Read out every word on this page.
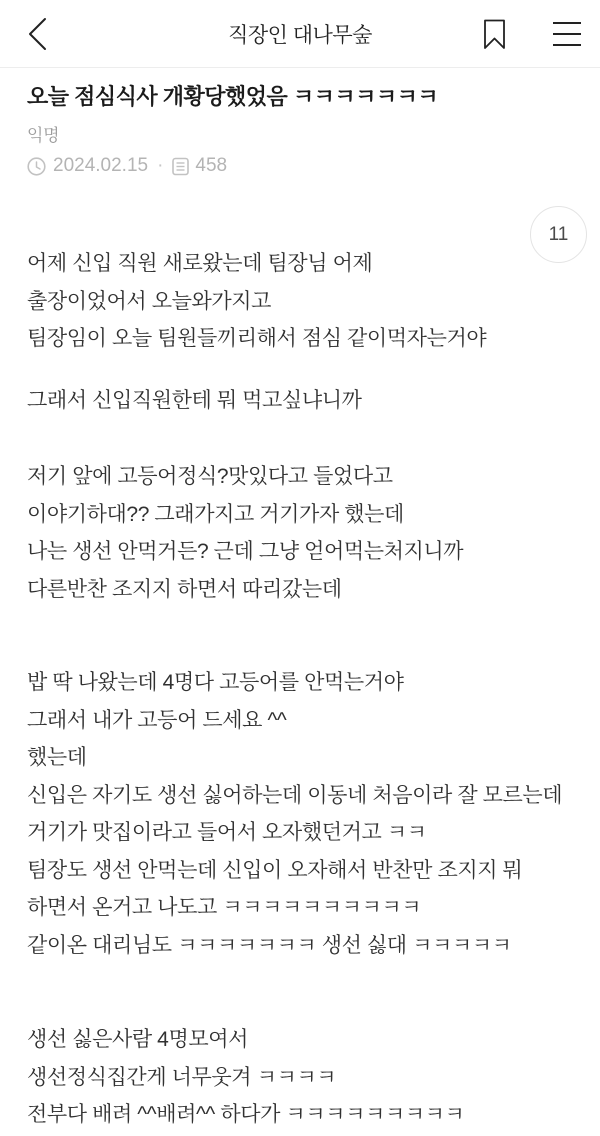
직장인 대나무숲
오늘 점심식사 개황당했었음 ㅋㅋㅋㅋㅋㅋㅋ
익명
2024.02.15 · 458
11
어제 신입 직원 새로왔는데 팀장님 어제
출장이었어서 오늘와가지고
팀장임이 오늘 팀원들끼리해서 점심 같이먹자는거야
그래서 신입직원한테 뭐 먹고싶냐니까
저기 앞에 고등어정식?맛있다고 들었다고
이야기하대?? 그래가지고 거기가자 했는데
나는 생선 안먹거든? 근데 그냥 얻어먹는처지니까
다른반찬 조지지 하면서 따리갔는데
밥 딱 나왔는데 4명다 고등어를 안먹는거야
그래서 내가 고등어 드세요 ^^
했는데
신입은 자기도 생선 싫어하는데 이동네 처음이라 잘 모르는데
거기가 맛집이라고 들어서 오자했던거고 ㅋㅋ
팀장도 생선 안먹는데 신입이 오자해서 반찬만 조지지 뭐
하면서 온거고 나도고 ㅋㅋㅋㅋㅋㅋㅋㅋㅋㅋ
같이온 대리님도 ㅋㅋㅋㅋㅋㅋㅋ 생선 싫대 ㅋㅋㅋㅋㅋ
생선 싫은사람 4명모여서
생선정식집간게 너무웃겨 ㅋㅋㅋㅋ
전부다 배려 ^^배려^^ 하다가 ㅋㅋㅋㅋㅋㅋㅋㅋㅋ
